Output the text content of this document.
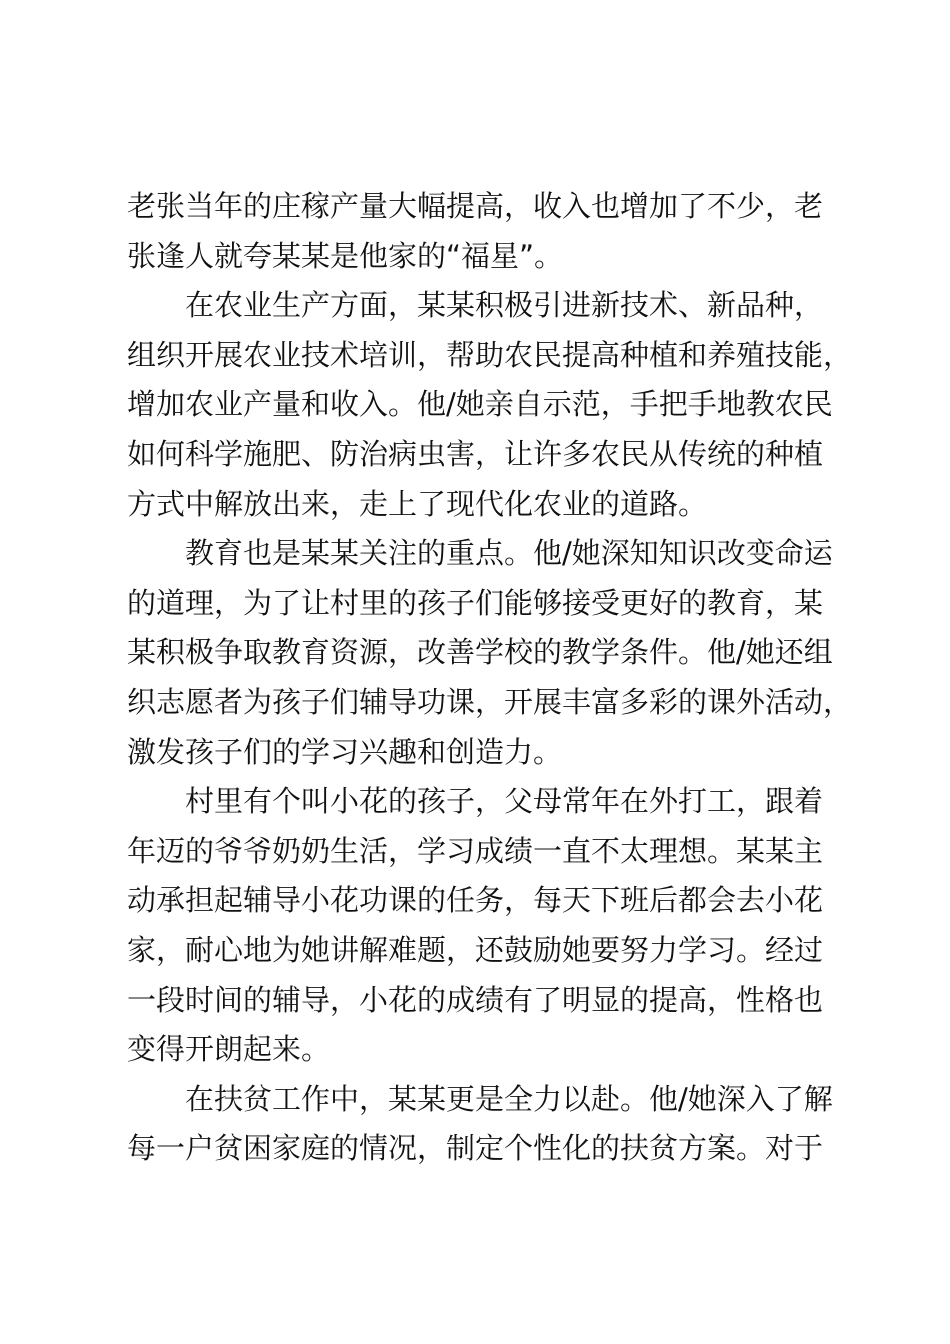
老张当年的庄稼产量大幅提高，收入也增加了不少，老
张逢人就夸某某是他家的“福星”。
在农业生产方面，某某积极引进新技术、新品种，
组织开展农业技术培训，帮助农民提高种植和养殖技能，
增加农业产量和收入。他/她亲自示范，手把手地教农民
如何科学施肥、防治病虫害，让许多农民从传统的种植
方式中解放出来，走上了现代化农业的道路。
教育也是某某关注的重点。他/她深知知识改变命运
的道理，为了让村里的孩子们能够接受更好的教育，某
某积极争取教育资源，改善学校的教学条件。他/她还组
织志愿者为孩子们辅导功课，开展丰富多彩的课外活动，
激发孩子们的学习兴趣和创造力。
村里有个叫小花的孩子，父母常年在外打工，跟着
年迈的爷爷奶奶生活，学习成绩一直不太理想。某某主
动承担起辅导小花功课的任务，每天下班后都会去小花
家，耐心地为她讲解难题，还鼓励她要努力学习。经过
一段时间的辅导，小花的成绩有了明显的提高，性格也
变得开朗起来。
在扶贫工作中，某某更是全力以赴。他/她深入了解
每一户贫困家庭的情况，制定个性化的扶贫方案。对于
